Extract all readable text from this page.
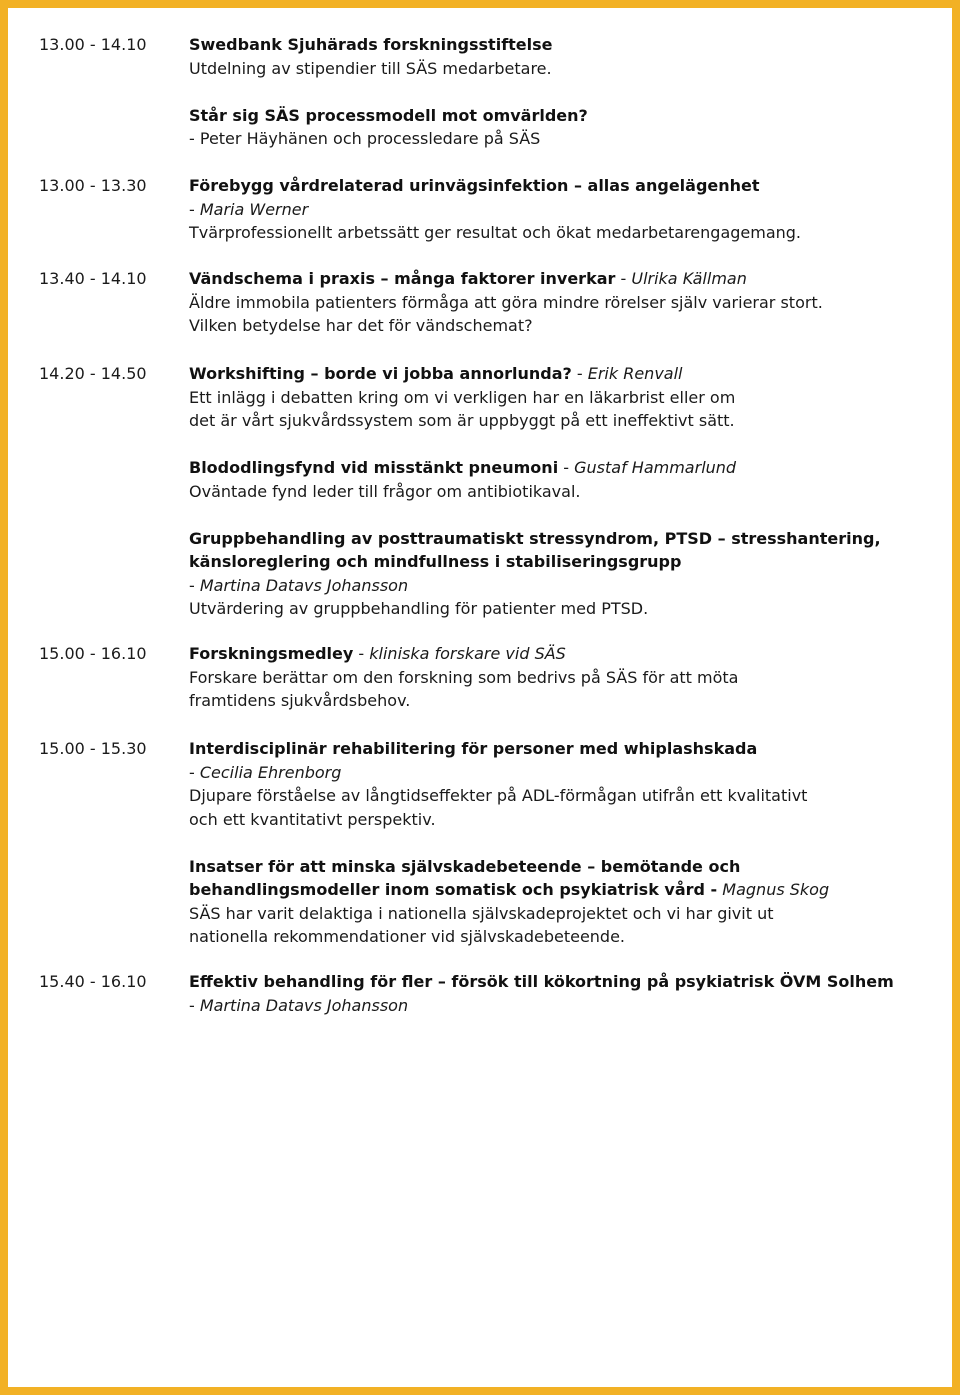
13.00 - 14.10	Swedbank Sjuhärads forskningsstiftelse
Utdelning av stipendier till SÄS medarbetare.
Står sig SÄS processmodell mot omvärlden?
- Peter Häyhänen och processledare på SÄS
13.00 - 13.30	Förebygg vårdrelaterad urinvägsinfektion – allas angelägenhet
- Maria Werner
Tvärprofessionellt arbetssätt ger resultat och ökat medarbetarengagemang.
13.40 - 14.10	Vändschema i praxis – många faktorer inverkar - Ulrika Källman
Äldre immobila patienters förmåga att göra mindre rörelser själv varierar stort.
Vilken betydelse har det för vändschemat?
14.20 - 14.50	Workshifting – borde vi jobba annorlunda? - Erik Renvall
Ett inlägg i debatten kring om vi verkligen har en läkarbrist eller om
det är vårt sjukvårdssystem som är uppbyggt på ett ineffektivt sätt.
Blododlingsfynd vid misstänkt pneumoni - Gustaf Hammarlund
Oväntade fynd leder till frågor om antibiotikaval.
Gruppbehandling av posttraumatiskt stressyndrom, PTSD – stresshantering,
känsloreglering och mindfullness i stabiliseringsgrupp
- Martina Datavs Johansson
Utvärdering av gruppbehandling för patienter med PTSD.
15.00 - 16.10	Forskningsmedley - kliniska forskare vid SÄS
Forskare berättar om den forskning som bedrivs på SÄS för att möta
framtidens sjukvårdsbehov.
15.00 - 15.30	Interdisciplinär rehabilitering för personer med whiplashskada
- Cecilia Ehrenborg
Djupare förståelse av långtidseffekter på ADL-förmågan utifrån ett kvalitativt
och ett kvantitativt perspektiv.
Insatser för att minska självskadebeteende – bemötande och
behandlingsmodeller inom somatisk och psykiatrisk vård - Magnus Skog
SÄS har varit delaktiga i nationella självskadeprojektet och vi har givit ut
nationella rekommendationer vid självskadebeteende.
15.40 - 16.10	Effektiv behandling för fler – försök till kökortning på psykiatrisk ÖVM Solhem
- Martina Datavs Johansson
